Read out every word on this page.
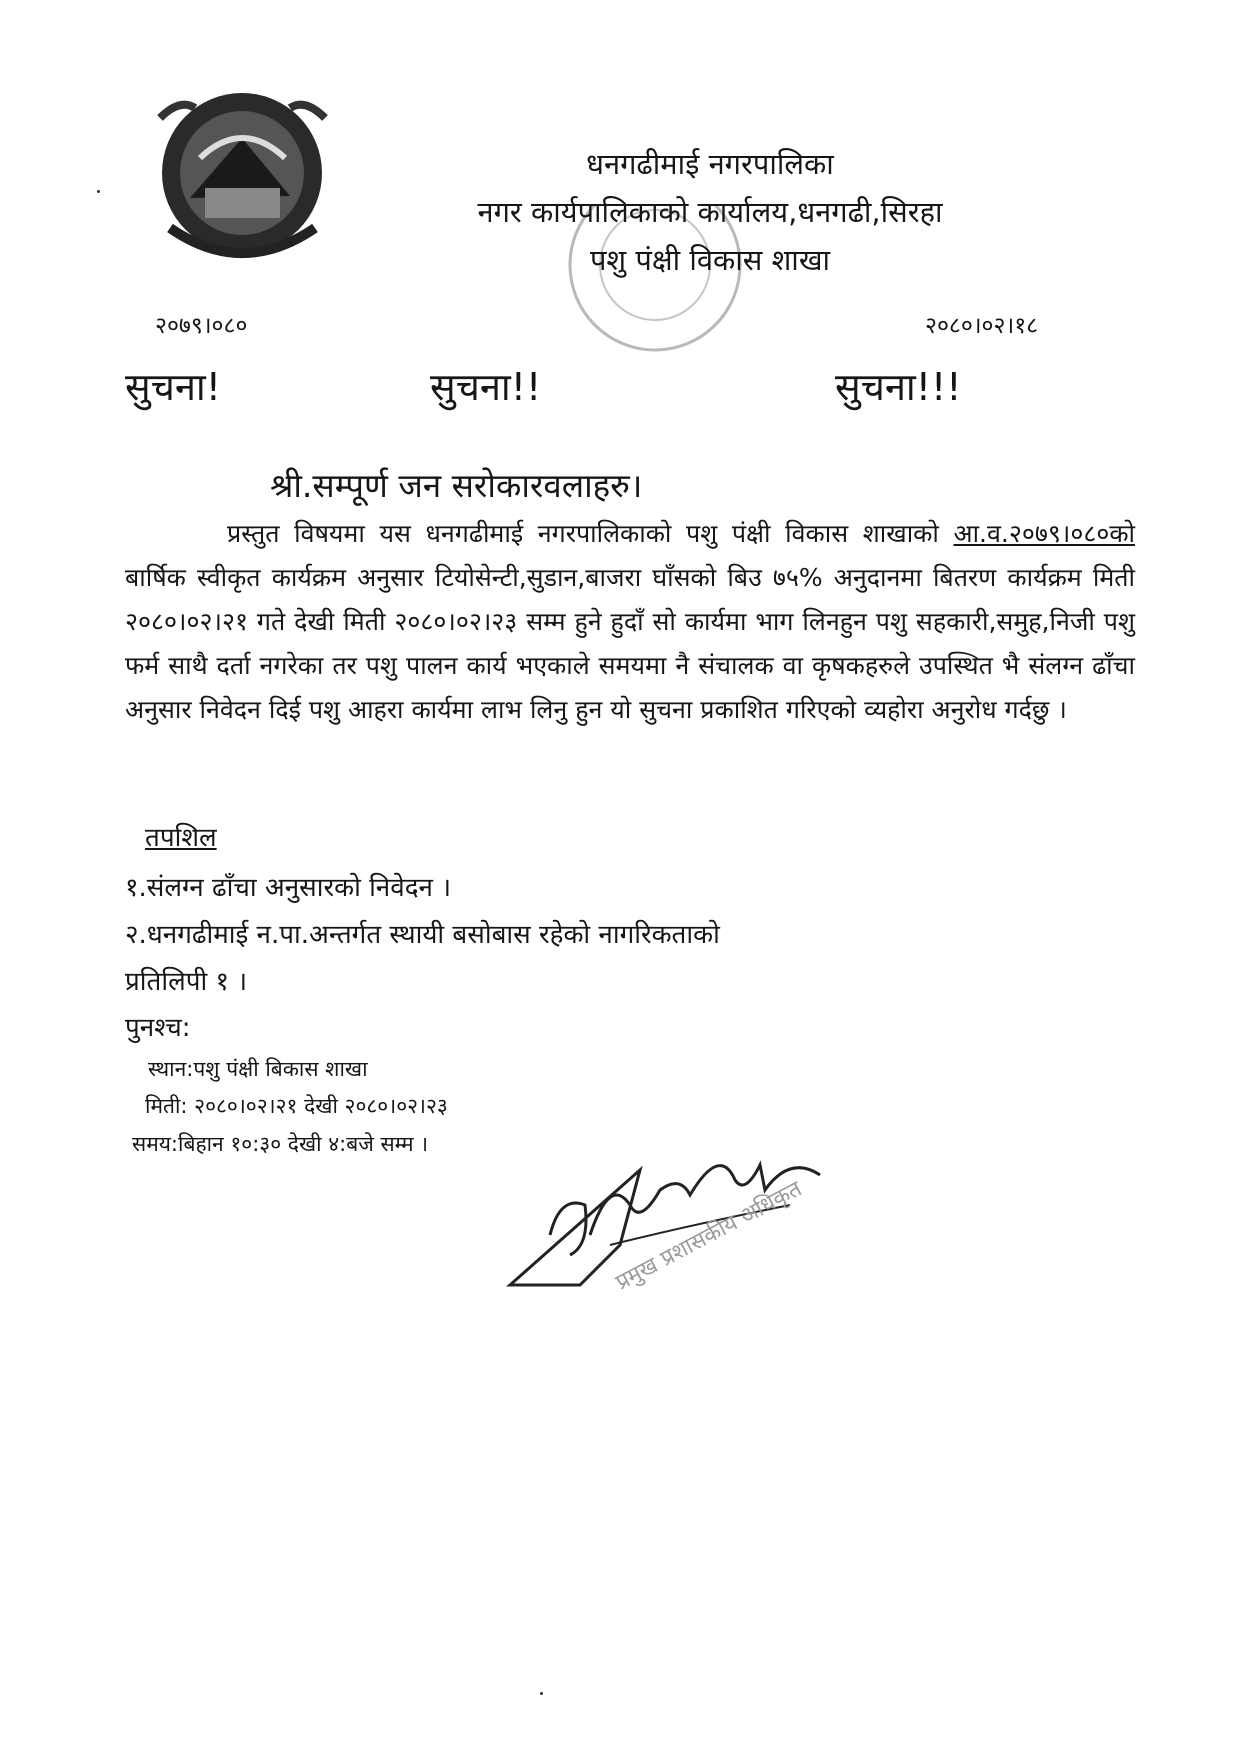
धनगढीमाई नगरपालिका
नगर कार्यपालिकाको कार्यालय,धनगढी,सिरहा
पशु पंक्षी विकास शाखा
२०७९।०८०	२०८०।०२।१८
सुचना!	सुचना!!	सुचना!!!
श्री.सम्पूर्ण जन सरोकारवलाहरु।
प्रस्तुत विषयमा यस धनगढीमाई नगरपालिकाको पशु पंक्षी विकास शाखाको आ.व.२०७९।०८०को बार्षिक स्वीकृत कार्यक्रम अनुसार टियोसेन्टी,सुडान,बाजरा घाँसको बिउ ७५% अनुदानमा बितरण कार्यक्रम मिती २०८०।०२।२१ गते देखी मिती २०८०।०२।२३ सम्म हुने हुदाँ सो कार्यमा भाग लिनहुन पशु सहकारी,समुह,निजी पशु फर्म साथै दर्ता नगरेका तर पशु पालन कार्य भएकाले समयमा नै संचालक वा कृषकहरुले उपस्थित भै संलग्न ढाँचा अनुसार निवेदन दिई पशु आहरा कार्यमा लाभ लिनु हुन यो सुचना प्रकाशित गरिएको व्यहोरा अनुरोध गर्दछु ।
तपशिल
१.संलग्न ढाँचा अनुसारको निवेदन ।
२.धनगढीमाई न.पा.अन्तर्गत स्थायी बसोबास रहेको नागरिकताको
प्रतिलिपी १ ।
पुनश्च:
स्थान:पशु पंक्षी बिकास शाखा
मिती: २०८०।०२।२१ देखी २०८०।०२।२३
समय:बिहान १०:३० देखी ४:बजे सम्म ।
प्रमुख प्रशासकीय अधिकृत
